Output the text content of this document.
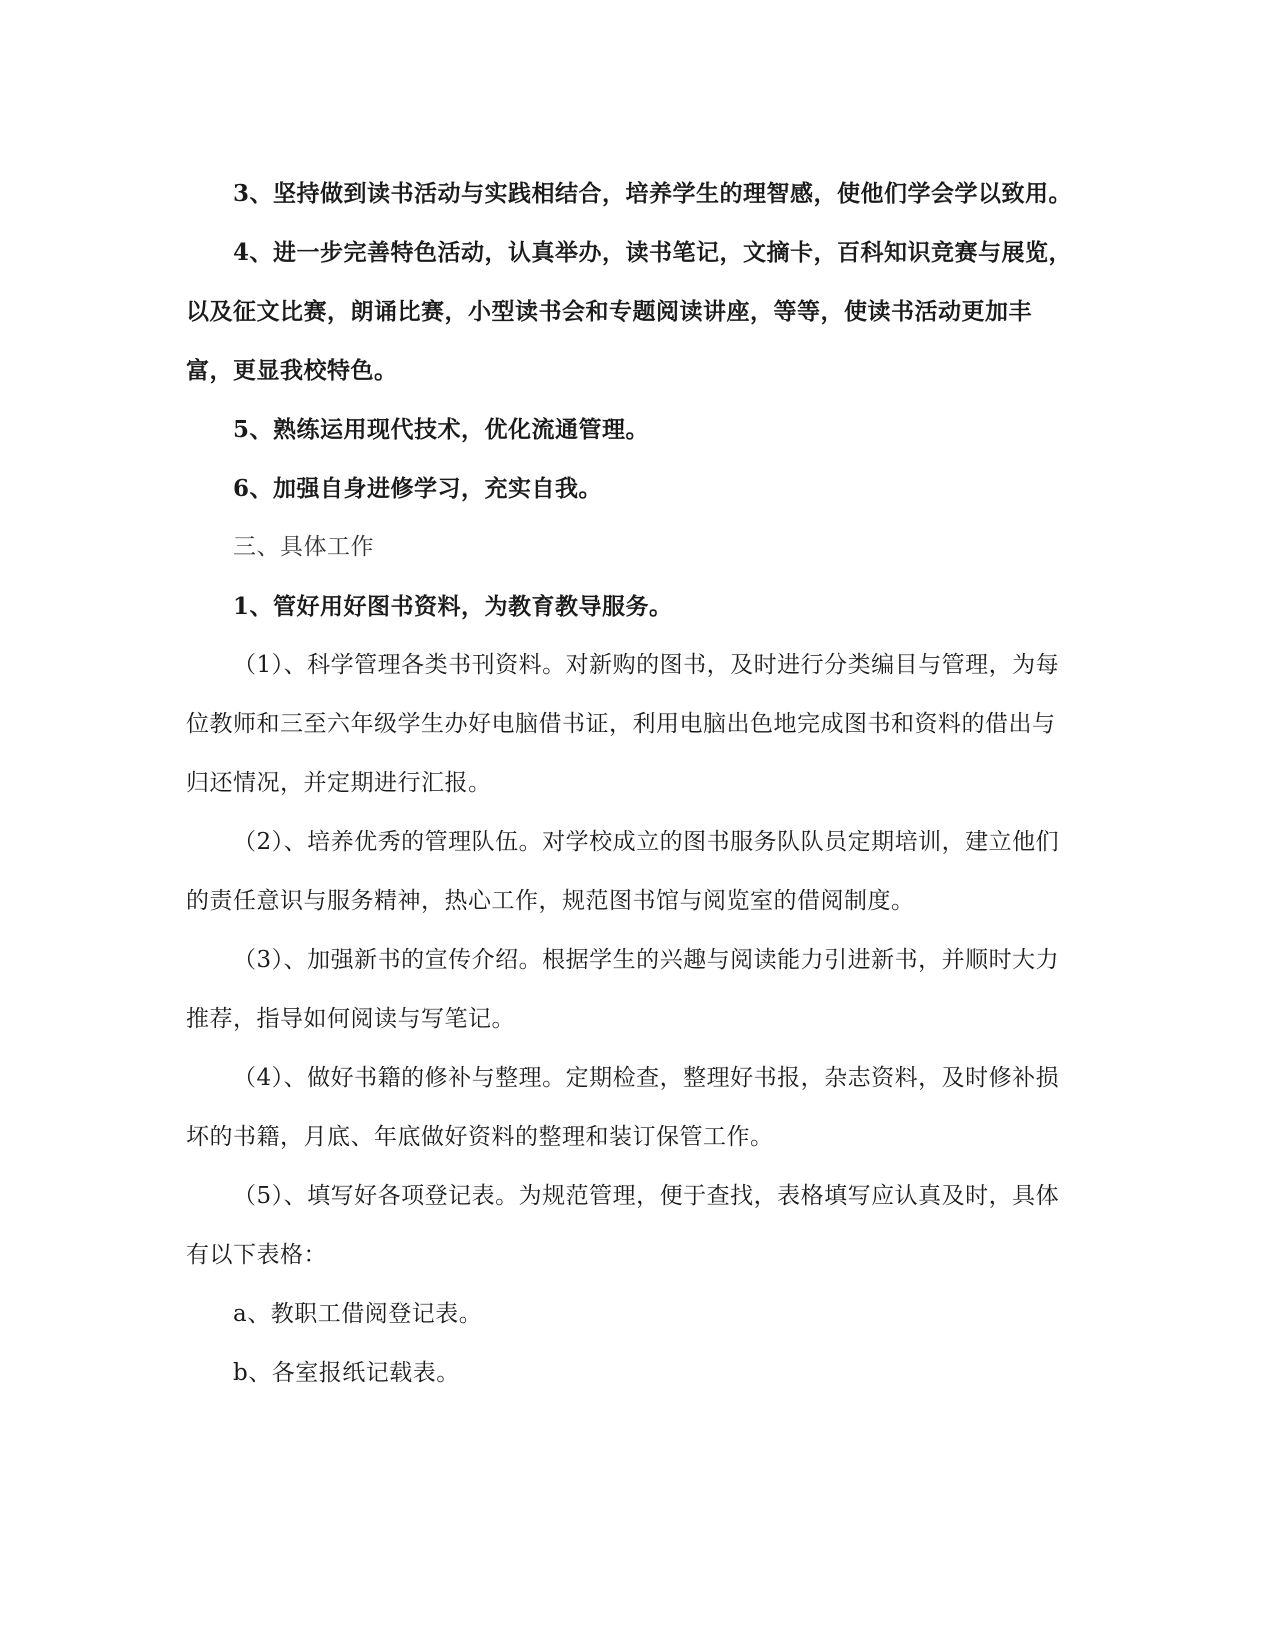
3、坚持做到读书活动与实践相结合，培养学生的理智感，使他们学会学以致用。

4、进一步完善特色活动，认真举办，读书笔记，文摘卡，百科知识竞赛与展览，以及征文比赛，朗诵比赛，小型读书会和专题阅读讲座，等等，使读书活动更加丰富，更显我校特色。

5、熟练运用现代技术，优化流通管理。

6、加强自身进修学习，充实自我。

三、具体工作

1、管好用好图书资料，为教育教导服务。

（1）、科学管理各类书刊资料。对新购的图书，及时进行分类编目与管理，为每位教师和三至六年级学生办好电脑借书证，利用电脑出色地完成图书和资料的借出与归还情况，并定期进行汇报。

（2）、培养优秀的管理队伍。对学校成立的图书服务队队员定期培训，建立他们的责任意识与服务精神，热心工作，规范图书馆与阅览室的借阅制度。

（3）、加强新书的宣传介绍。根据学生的兴趣与阅读能力引进新书，并顺时大力推荐，指导如何阅读与写笔记。

（4）、做好书籍的修补与整理。定期检查，整理好书报，杂志资料，及时修补损坏的书籍，月底、年底做好资料的整理和装订保管工作。

（5）、填写好各项登记表。为规范管理，便于查找，表格填写应认真及时，具体有以下表格：

a、教职工借阅登记表。

b、各室报纸记载表。
